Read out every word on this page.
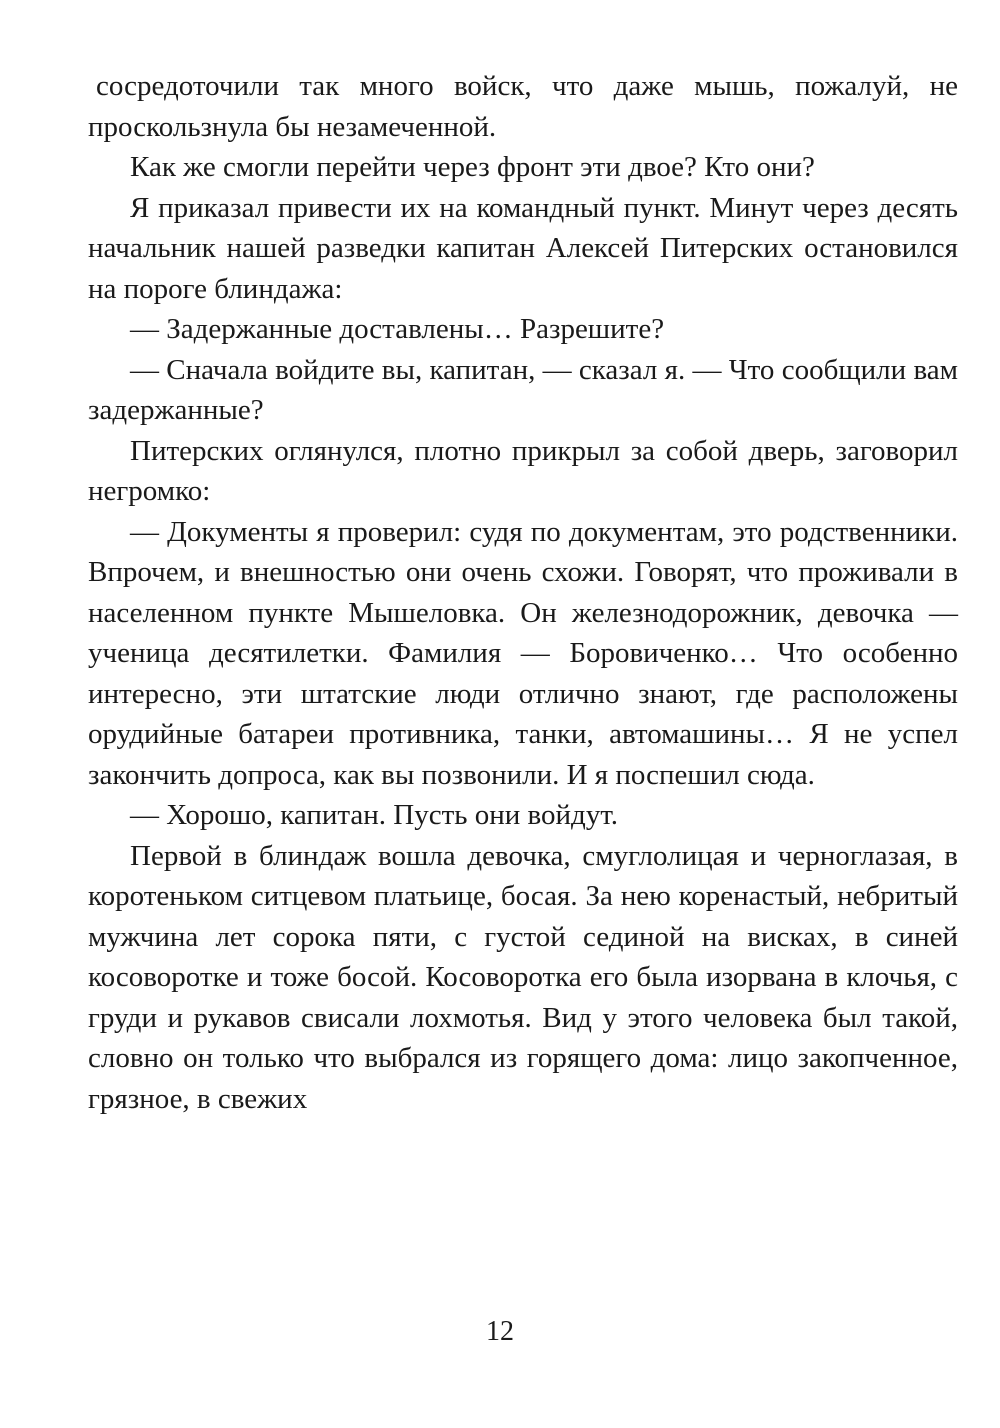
сосредоточили так много войск, что даже мышь, пожалуй, не проскользнула бы незамеченной.

Как же смогли перейти через фронт эти двое? Кто они?

Я приказал привести их на командный пункт. Минут через десять начальник нашей разведки капитан Алексей Питерских остановился на пороге блиндажа:

— Задержанные доставлены… Разрешите?

— Сначала войдите вы, капитан, — сказал я. — Что сообщили вам задержанные?

Питерских оглянулся, плотно прикрыл за собой дверь, заговорил негромко:

— Документы я проверил: судя по документам, это родственники. Впрочем, и внешностью они очень схожи. Говорят, что проживали в населенном пункте Мышеловка. Он железнодорожник, девочка — ученица десятилетки. Фамилия — Боровиченко… Что особенно интересно, эти штатские люди отлично знают, где расположены орудийные батареи противника, танки, автомашины… Я не успел закончить допроса, как вы позвонили. И я поспешил сюда.

— Хорошо, капитан. Пусть они войдут.

Первой в блиндаж вошла девочка, смуглолицая и черноглазая, в коротеньком ситцевом платьице, босая. За нею коренастый, небритый мужчина лет сорока пяти, с густой сединой на висках, в синей косоворотке и тоже босой. Косоворотка его была изорвана в клочья, с груди и рукавов свисали лохмотья. Вид у этого человека был такой, словно он только что выбрался из горящего дома: лицо закопченное, грязное, в свежих

12
